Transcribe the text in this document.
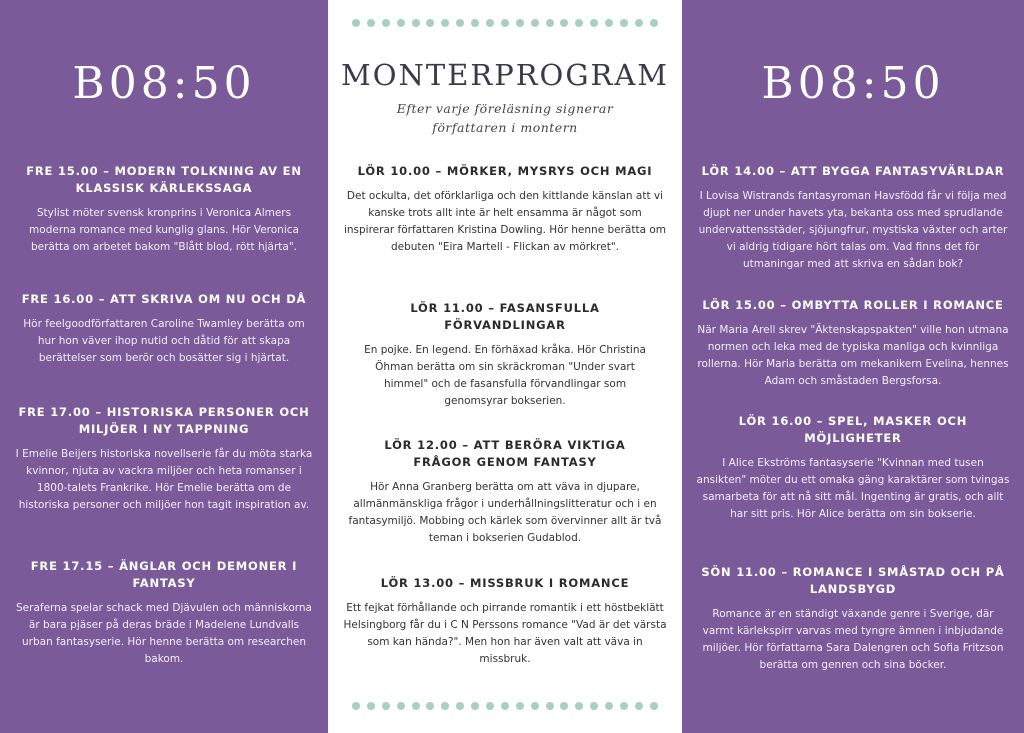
B08:50
FRE 15.00 – MODERN TOLKNING AV EN KLASSISK KÄRLEKSSAGA
Stylist möter svensk kronprins i Veronica Almers moderna romance med kunglig glans. Hör Veronica berätta om arbetet bakom "Blått blod, rött hjärta".
FRE 16.00 – ATT SKRIVA OM NU OCH DÅ
Hör feelgoodförfattaren Caroline Twamley berätta om hur hon väver ihop nutid och dåtid för att skapa berättelser som berör och bosätter sig i hjärtat.
FRE 17.00 – HISTORISKA PERSONER OCH MILJÖER I NY TAPPNING
I Emelie Beijers historiska novellserie får du möta starka kvinnor, njuta av vackra miljöer och heta romanser i 1800-talets Frankrike. Hör Emelie berätta om de historiska personer och miljöer hon tagit inspiration av.
FRE 17.15 – ÄNGLAR OCH DEMONER I FANTASY
Seraferna spelar schack med Djävulen och människorna är bara pjäser på deras bräde i Madelene Lundvalls urban fantasyserie. Hör henne berätta om researchen bakom.
MONTERPROGRAM
Efter varje föreläsning signerar författaren i montern
LÖR 10.00 – MÖRKER, MYSRYS OCH MAGI
Det ockulta, det oförklarliga och den kittlande känslan att vi kanske trots allt inte är helt ensamma är något som inspirerar författaren Kristina Dowling. Hör henne berätta om debuten "Eira Martell - Flickan av mörkret".
LÖR 11.00 – FASANSFULLA FÖRVANDLINGAR
En pojke. En legend. En förhäxad kråka. Hör Christina Öhman berätta om sin skräckroman "Under svart himmel" och de fasansfulla förvandlingar som genomsyrar bokserien.
LÖR 12.00 – ATT BERÖRA VIKTIGA FRÅGOR GENOM FANTASY
Hör Anna Granberg berätta om att väva in djupare, allmänmänskliga frågor i underhållningslitteratur och i en fantasymiljö. Mobbing och kärlek som övervinner allt är två teman i bokserien Gudablod.
LÖR 13.00 – MISSBRUK I ROMANCE
Ett fejkat förhållande och pirrande romantik i ett höstbeklätt Helsingborg får du i C N Perssons romance "Vad är det värsta som kan hända?". Men hon har även valt att väva in missbruk.
B08:50
LÖR 14.00 – ATT BYGGA FANTASYVÄRLDAR
I Lovisa Wistrands fantasyroman Havsfödd får vi följa med djupt ner under havets yta, bekanta oss med sprudlande undervattensstäder, sjöjungfrur, mystiska växter och arter vi aldrig tidigare hört talas om. Vad finns det för utmaningar med att skriva en sådan bok?
LÖR 15.00 – OMBYTTA ROLLER I ROMANCE
När Maria Arell skrev "Äktenskapspakten" ville hon utmana normen och leka med de typiska manliga och kvinnliga rollerna. Hör Maria berätta om mekanikern Evelina, hennes Adam och småstaden Bergsforsa.
LÖR 16.00 – SPEL, MASKER OCH MÖJLIGHETER
I Alice Ekströms fantasyserie "Kvinnan med tusen ansikten" möter du ett omaka gäng karaktärer som tvingas samarbeta för att nå sitt mål. Ingenting är gratis, och allt har sitt pris. Hör Alice berätta om sin bokserie.
SÖN 11.00 – ROMANCE I SMÅSTAD OCH PÅ LANDSBYGD
Romance är en ständigt växande genre i Sverige, där varmt kärlekspirr varvas med tyngre ämnen i inbjudande miljöer. Hör författarna Sara Dalengren och Sofia Fritzson berätta om genren och sina böcker.
